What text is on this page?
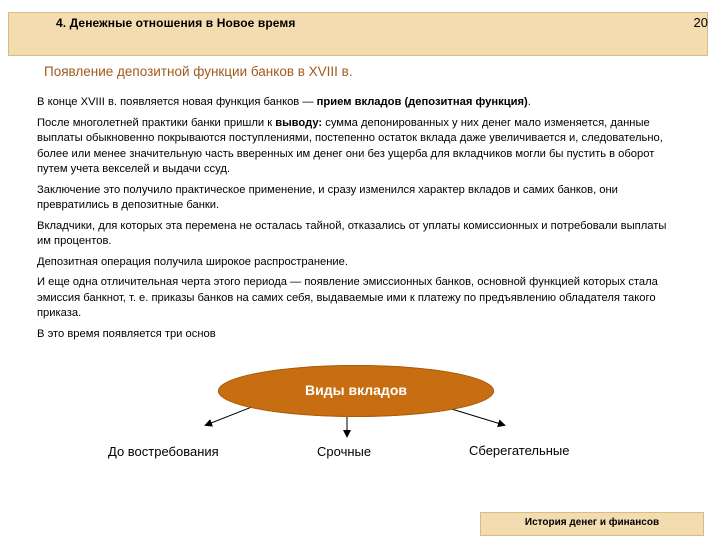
4. Денежные отношения в Новое время	20
Появление депозитной функции банков в XVIII в.

В конце XVIII в. появляется новая функция банков — прием вкладов (депозитная функция).

После многолетней практики банки пришли к выводу: сумма депонированных у них денег мало изменяется, данные выплаты обыкновенно покрываются поступлениями, постепенно остаток вклада даже увеличивается и, следовательно, более или менее значительную часть вверенных им денег они без ущерба для вкладчиков могли бы пустить в оборот путем учета векселей и выдачи ссуд.

Заключение это получило практическое применение, и сразу изменился характер вкладов и самих банков, они превратились в депозитные банки.

Вкладчики, для которых эта перемена не осталась тайной, отказались от уплаты комиссионных и потребовали выплаты им процентов.

Депозитная операция получила широкое распространение.

И еще одна отличительная черта этого периода — появление эмиссионных банков, основной функцией которых стала эмиссия банкнот, т. е. приказы банков на самих себя, выдаваемые ими к платежу по предъявлению обладателя такого приказа.

В это время появляется три основ

Виды вкладов
До востребования	Срочные	Сберегательные
История денег и финансов
